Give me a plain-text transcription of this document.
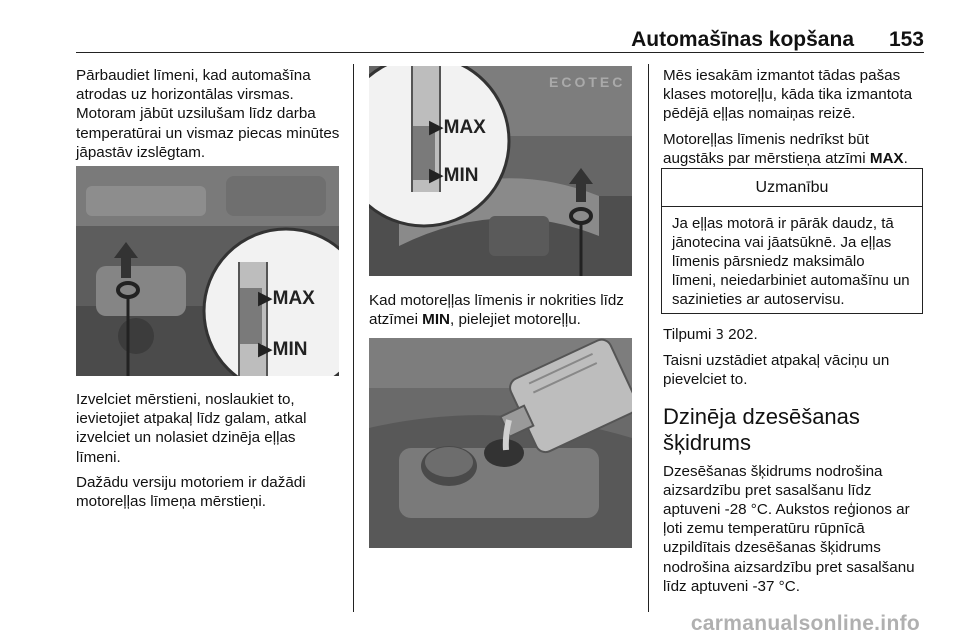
Automašīnas kopšana 153

Pārbaudiet līmeni, kad automašīna atrodas uz horizontālas virsmas. Motoram jābūt uzsilušam līdz darba temperatūrai un vismaz piecas minūtes jāpastāv izslēgtam.

▶MAX
▶MIN

Izvelciet mērstieni, noslaukiet to, ievietojiet atpakaļ līdz galam, atkal izvelciet un nolasiet dzinēja eļļas līmeni.

Dažādu versiju motoriem ir dažādi motoreļļas līmeņa mērstieņi.

ECOTEC
▶MAX
▶MIN

Kad motoreļļas līmenis ir nokrities līdz atzīmei MIN, pielejiet motoreļļu.

Mēs iesakām izmantot tādas pašas klases motoreļļu, kāda tika izmantota pēdējā eļļas nomaiņas reizē.

Motoreļļas līmenis nedrīkst būt augstāks par mērstieņa atzīmi MAX.

Uzmanību
Ja eļļas motorā ir pārāk daudz, tā jānotecina vai jāatsūknē. Ja eļļas līmenis pārsniedz maksimālo līmeni, neiedarbiniet automašīnu un sazinieties ar autoservisu.

Tilpumi 3 202.

Taisni uzstādiet atpakaļ vāciņu un pievelciet to.

Dzinēja dzesēšanas
šķidrums

Dzesēšanas šķidrums nodrošina aizsardzību pret sasalšanu līdz aptuveni -28 °C. Aukstos reģionos ar ļoti zemu temperatūru rūpnīcā uzpildītais dzesēšanas šķidrums nodrošina aizsardzību pret sasalšanu līdz aptuveni -37 °C.

carmanualsonline.info
